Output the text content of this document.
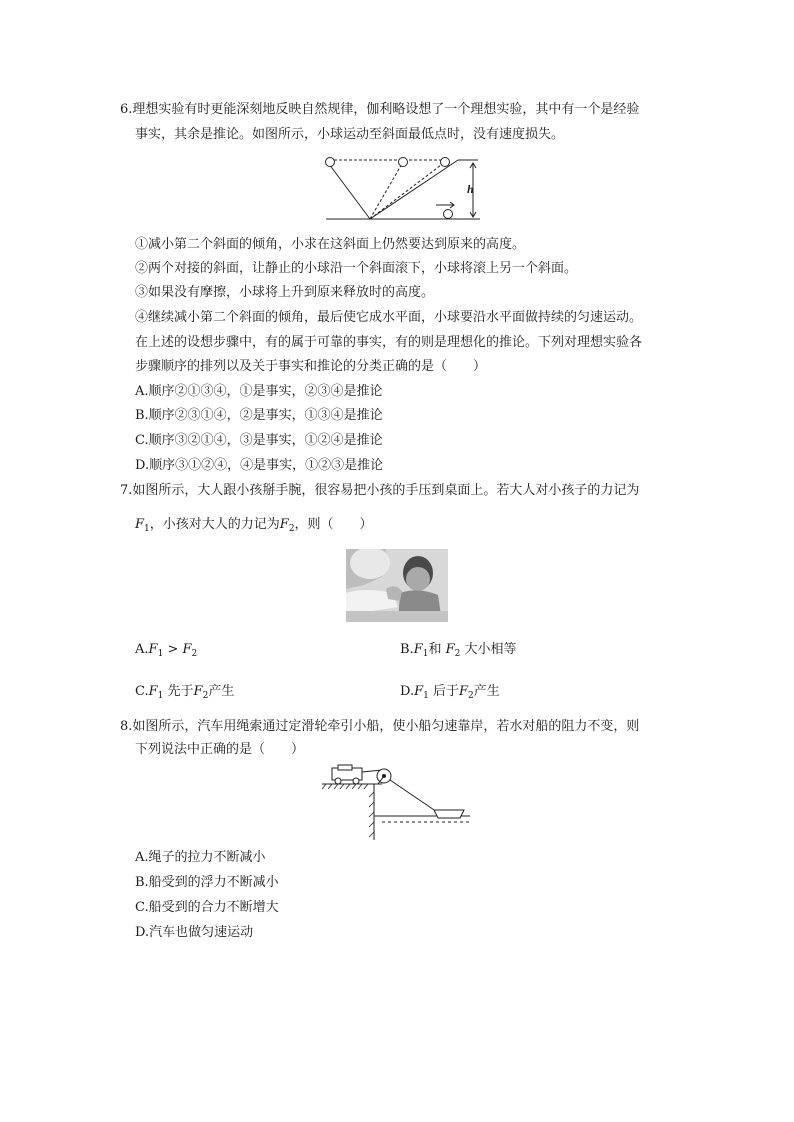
6.理想实验有时更能深刻地反映自然规律，伽利略设想了一个理想实验，其中有一个是经验
事实，其余是推论。如图所示，小球运动至斜面最低点时，没有速度损失。
h
①减小第二个斜面的倾角，小求在这斜面上仍然要达到原来的高度。
②两个对接的斜面，让静止的小球沿一个斜面滚下，小球将滚上另一个斜面。
③如果没有摩擦，小球将上升到原来释放时的高度。
④继续减小第二个斜面的倾角，最后使它成水平面，小球要沿水平面做持续的匀速运动。
在上述的设想步骤中，有的属于可靠的事实，有的则是理想化的推论。下列对理想实验各
步骤顺序的排列以及关于事实和推论的分类正确的是（　　）
A.顺序②①③④，①是事实，②③④是推论
B.顺序②③①④，②是事实，①③④是推论
C.顺序③②①④，③是事实，①②④是推论
D.顺序③①②④，④是事实，①②③是推论
7.如图所示，大人跟小孩掰手腕，很容易把小孩的手压到桌面上。若大人对小孩子的力记为
$F_1$，小孩对大人的力记为$F_2$，则（　　）
$A.F_1 > F_2$	$B.F_1$和 $F_2$ 大小相等
$C.F_1$ 先于$F_2$产生	$D.F_1$ 后于$F_2$产生
8.如图所示，汽车用绳索通过定滑轮牵引小船，使小船匀速靠岸，若水对船的阻力不变，则
下列说法中正确的是（　　）
A.绳子的拉力不断减小
B.船受到的浮力不断减小
C.船受到的合力不断增大
D.汽车也做匀速运动
